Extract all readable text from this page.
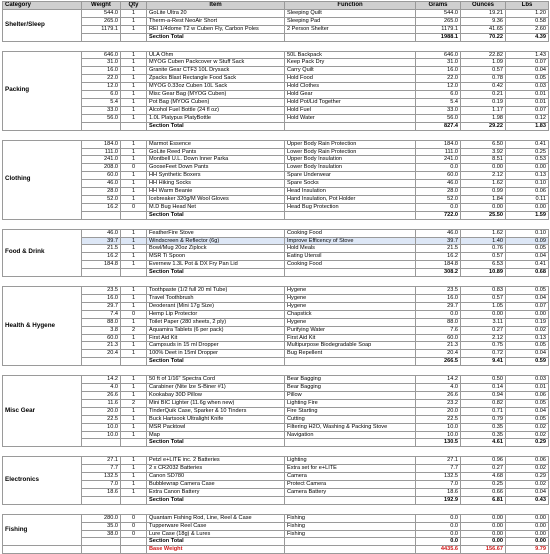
Category	Weight	Qty	Item	Function	Grams	Ounces	Lbs
Shelter/Sleep	544.0	1	GoLite Ultra 20	Sleeping Quilt	544.0	19.21	1.20
	265.0	1	Therm-a-Rest NeoAir Short	Sleeping Pad	265.0	9.36	0.58
	1179.1	1	REI 1/4dome T2 w Cuben Fly, Carbon Poles	2 Person Shelter	1179.1	41.65	2.60
			Section Total		1988.1	70.22	4.39

Packing	646.0	1	ULA Ohm	50L Backpack	646.0	22.82	1.43
	31.0	1	MYOG Cuben Packcover w Stuff Sack	Keep Pack Dry	31.0	1.09	0.07
	16.0	1	Granite Gear CTF3 10L Drysack	Carry Quilt	16.0	0.57	0.04
	22.0	1	Zpacks Blast Rectangle Food Sack	Hold Food	22.0	0.78	0.05
	12.0	1	MYOG 0.33oz Cuben 10L Sack	Hold Clothes	12.0	0.42	0.03
	6.0	1	Misc Gear Bag (MYOG Cuben)	Hold Gear	6.0	0.21	0.01
	5.4	1	Pot Bag (MYOG Cuben)	Hold Pot/Lid Together	5.4	0.19	0.01
	33.0	1	Alcohol Fuel Bottle (24 fl oz)	Hold Fuel	33.0	1.17	0.07
	56.0	1	1.0L Platypus PlatyBottle	Hold Water	56.0	1.98	0.12
			Section Total		827.4	29.22	1.83

Clothing	184.0	1	Marmot Essence	Upper Body Rain Protection	184.0	6.50	0.41
	111.0	1	GoLite Reed Pants	Lower Body Rain Protection	111.0	3.92	0.25
	241.0	1	Montbell U.L. Down Inner Parka	Upper Body Insulation	241.0	8.51	0.53
	208.0	0	GooseFeet Down Pants	Lower Body Insulation	0.0	0.00	0.00
	60.0	1	HH Synthetic Boxers	Spare Underwear	60.0	2.12	0.13
	46.0	1	HH Hiking Socks	Spare Socks	46.0	1.62	0.10
	28.0	1	HH Warm Beanie	Head Insulation	28.0	0.99	0.06
	52.0	1	Icebreaker 320g/M Wool Gloves	Hand Insulation, Pot Holder	52.0	1.84	0.11
	16.2	0	M.D Bug Head Net	Head Bug Protection	0.0	0.00	0.00
			Section Total		722.0	25.50	1.59

Food & Drink	46.0	1	FeatherFire Stove	Cooking Food	46.0	1.62	0.10
	39.7	1	Windscreen & Reflector (6g)	Improve Efficency of Stove	39.7	1.40	0.09
	21.5	1	Bowl/Mug 20oz Ziplock	Hold Meals	21.5	0.76	0.05
	16.2	1	MSR Ti Spoon	Eating Utensil	16.2	0.57	0.04
	184.8	1	Evernew 1.3L Pot & DX Fry Pan Lid	Cooking Food	184.8	6.53	0.41
			Section Total		308.2	10.89	0.68

Health & Hygene	23.5	1	Toothpaste (1/2 full 20 ml Tube)	Hygene	23.5	0.83	0.05
	16.0	1	Travel Toothbrush	Hygene	16.0	0.57	0.04
	29.7	1	Deoderant (Mini 17g Size)	Hygene	29.7	1.05	0.07
	7.4	0	Hemp Lip Protector	Chapstick	0.0	0.00	0.00
	88.0	1	Toilet Paper (280 sheets, 2 ply)	Hygene	88.0	3.11	0.19
	3.8	2	Aquamira Tablets (6 per pack)	Purifying Water	7.6	0.27	0.02
	60.0	1	First Aid Kit	First Aid Kit	60.0	2.12	0.13
	21.3	1	Campsuds in 15 ml Dropper	Multipurpose Biodegradable Soap	21.3	0.75	0.05
	20.4	1	100% Deet in 15ml Dropper	Bug Repellent	20.4	0.72	0.04
			Section Total		266.5	9.41	0.59

Misc Gear	14.2	1	50 ft of 1/16" Spectra Cord	Bear Bagging	14.2	0.50	0.03
	4.0	1	Carabiner (Nite Ize S-Biner #1)	Bear Bagging	4.0	0.14	0.01
	26.6	1	Kookabay 30D Pillow	Pillow	26.6	0.94	0.06
	11.6	2	Mini BIC Lighter (11.6g when new)	Lighting Fire	23.2	0.82	0.05
	20.0	1	TinderQuik Case, Sparker & 10 Tinders	Fire Starting	20.0	0.71	0.04
	22.5	1	Buck Hartsook Ultralight Knife	Cutting	22.5	0.79	0.05
	10.0	1	MSR Packtowl	Filtering H2O, Washing & Packing Stove	10.0	0.35	0.02
	10.0	1	Map	Navigation	10.0	0.35	0.02
			Section Total		130.5	4.61	0.29

Electronics	27.1	1	Petzl e+LITE inc. 2 Batteries	Lighting	27.1	0.96	0.06
	7.7	1	2 x CR2032 Batteries	Extra set for e+LITE	7.7	0.27	0.02
	132.5	1	Canon SD780	Camera	132.5	4.68	0.29
	7.0	1	Bubblewrap Camera Case	Protect Camera	7.0	0.25	0.02
	18.6	1	Extra Canon Battery	Camera Battery	18.6	0.66	0.04
			Section Total		192.9	6.81	0.43

Fishing	280.0	0	Quantam Fishing Rod, Line, Reel & Case	Fishing	0.0	0.00	0.00
	35.0	0	Tupperware Reel Case	Fishing	0.0	0.00	0.00
	38.0	0	Lure Case (18g) & Lures	Fishing	0.0	0.00	0.00
			Section Total		0.0	0.00	0.00
			Base Weight		4435.6	156.67	9.79
